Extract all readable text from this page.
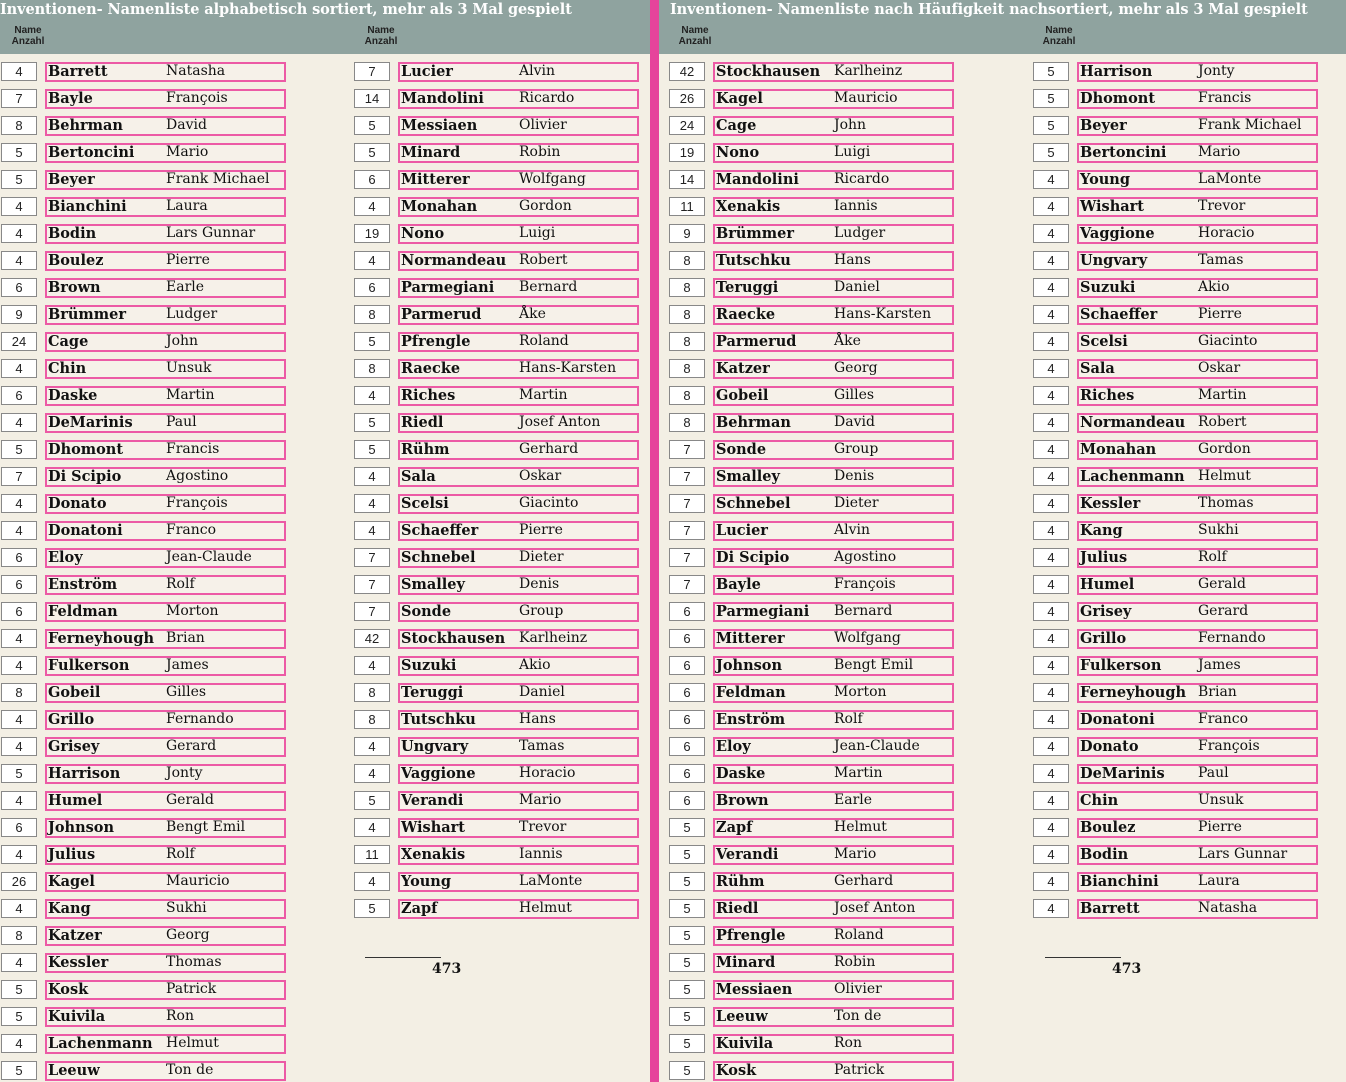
Inventionen- Namenliste alphabetisch sortiert, mehr als 3 Mal gespielt
Name
Anzahl
Name
Anzahl
4	Barrett	Natasha
7	Bayle	François
8	Behrman	David
5	Bertoncini Mario
5	Beyer	Frank Michael
4	Bianchini	Laura
4	Bodin	Lars Gunnar
4	Boulez	Pierre
6	Brown	Earle
9	Brümmer	Ludger
24	Cage	John
4	Chin	Unsuk
6	Daske	Martin
4	DeMarinis Paul
5	Dhomont	Francis
7	Di Scipio	Agostino
4	Donato	François
4	Donatoni	Franco
6	Eloy	Jean-Claude
6	Enström	Rolf
6	Feldman	Morton
4	Ferneyhough Brian
4	Fulkerson	James
8	Gobeil	Gilles
4	Grillo	Fernando
4	Grisey	Gerard
5	Harrison	Jonty
4	Humel	Gerald
6	Johnson	Bengt Emil
4	Julius	Rolf
26	Kagel	Mauricio
4	Kang	Sukhi
8	Katzer	Georg
4	Kessler	Thomas
5	Kosk	Patrick
5	Kuivila	Ron
4	Lachenmann Helmut
5	Leeuw	Ton de
7	Lucier	Alvin
14	Mandolini	Ricardo
5	Messiaen	Olivier
5	Minard	Robin
6	Mitterer	Wolfgang
4	Monahan	Gordon
19	Nono	Luigi
4	Normandeau Robert
6	Parmegiani Bernard
8	Parmerud	Åke
5	Pfrengle	Roland
8	Raecke	Hans-Karsten
4	Riches	Martin
5	Riedl	Josef Anton
5	Rühm	Gerhard
4	Sala	Oskar
4	Scelsi	Giacinto
4	Schaeffer	Pierre
7	Schnebel	Dieter
7	Smalley	Denis
7	Sonde	Group
42	Stockhausen Karlheinz
4	Suzuki	Akio
8	Teruggi	Daniel
8	Tutschku	Hans
4	Ungvary	Tamas
4	Vaggione	Horacio
5	Verandi	Mario
4	Wishart	Trevor
11	Xenakis	Iannis
4	Young	LaMonte
5	Zapf	Helmut
473
Inventionen- Namenliste nach Häufigkeit nachsortiert, mehr als 3 Mal gespielt
Name
Anzahl
Name
Anzahl
42	Stockhausen Karlheinz
26	Kagel	Mauricio
24	Cage	John
19	Nono	Luigi
14	Mandolini	Ricardo
11	Xenakis	Iannis
9	Brümmer	Ludger
8	Tutschku	Hans
8	Teruggi	Daniel
8	Raecke	Hans-Karsten
8	Parmerud	Åke
8	Katzer	Georg
8	Gobeil	Gilles
8	Behrman	David
7	Sonde	Group
7	Smalley	Denis
7	Schnebel	Dieter
7	Lucier	Alvin
7	Di Scipio	Agostino
7	Bayle	François
6	Parmegiani Bernard
6	Mitterer	Wolfgang
6	Johnson	Bengt Emil
6	Feldman	Morton
6	Enström	Rolf
6	Eloy	Jean-Claude
6	Daske	Martin
6	Brown	Earle
5	Zapf	Helmut
5	Verandi	Mario
5	Rühm	Gerhard
5	Riedl	Josef Anton
5	Pfrengle	Roland
5	Minard	Robin
5	Messiaen	Olivier
5	Leeuw	Ton de
5	Kuivila	Ron
5	Kosk	Patrick
5	Harrison	Jonty
5	Dhomont	Francis
5	Beyer	Frank Michael
5	Bertoncini Mario
4	Young	LaMonte
4	Wishart	Trevor
4	Vaggione	Horacio
4	Ungvary	Tamas
4	Suzuki	Akio
4	Schaeffer	Pierre
4	Scelsi	Giacinto
4	Sala	Oskar
4	Riches	Martin
4	Normandeau Robert
4	Monahan	Gordon
4	Lachenmann Helmut
4	Kessler	Thomas
4	Kang	Sukhi
4	Julius	Rolf
4	Humel	Gerald
4	Grisey	Gerard
4	Grillo	Fernando
4	Fulkerson	James
4	Ferneyhough Brian
4	Donatoni	Franco
4	Donato	François
4	DeMarinis Paul
4	Chin	Unsuk
4	Boulez	Pierre
4	Bodin	Lars Gunnar
4	Bianchini	Laura
4	Barrett	Natasha
473
